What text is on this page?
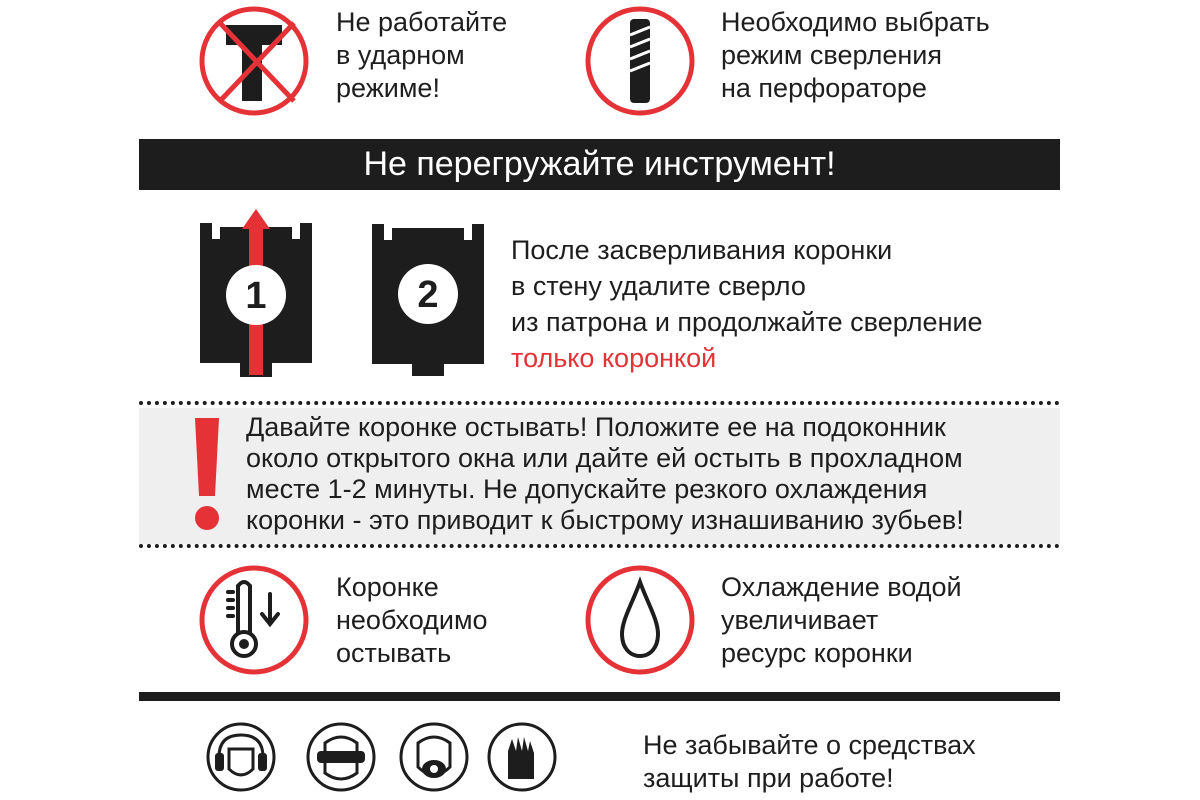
Не работайте
в ударном
режиме!
Необходимо выбрать
режим сверления
на перфораторе
Не перегружайте инструмент!
1	2
После засверливания коронки
в стену удалите сверло
из патрона и продолжайте сверление
только коронкой
Давайте коронке остывать! Положите ее на подоконник
около открытого окна или дайте ей остыть в прохладном
месте 1-2 минуты. Не допускайте резкого охлаждения
коронки - это приводит к быстрому изнашиванию зубьев!
Коронке
необходимо
остывать
Охлаждение водой
увеличивает
ресурс коронки
Не забывайте о средствах
защиты при работе!
